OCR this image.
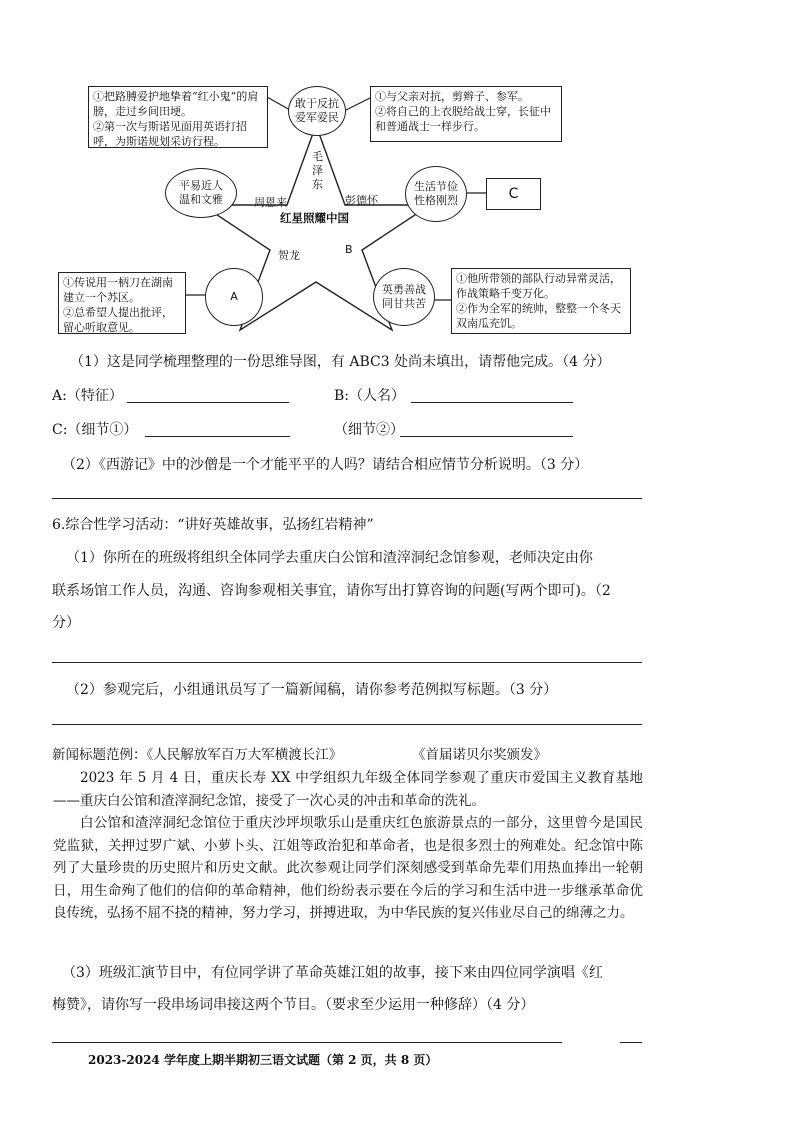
①把路膊爱护地挚着“红小鬼”的肩膀，走过乡间田埂。
②第一次与斯诺见面用英语打招呼，为斯诺规划采访行程。
敢于反抗
爱军爱民
①与父亲对抗，剪辫子、参军。
②将自己的上衣脱给战士穿，长征中和普通战士一样步行。
平易近人
温和文雅
生活节俭
性格刚烈	C
毛
泽
东
周恩来	彭德怀
红星照耀中国
贺龙	B
①传说用一柄刀在湖南建立一个苏区。
②总希望人提出批评，留心听取意见。
A
英勇善战
同甘共苦
①他所带领的部队行动异常灵活，作战策略千变万化。
②作为全军的统帅，整整一个冬天双南瓜充饥。
（1）这是同学梳理整理的一份思维导图，有 ABC3 处尚未填出，请帮他完成。（4 分）
A:（特征）	B:（人名）
C:（细节①）	（细节②）
（2）《西游记》中的沙僧是一个才能平平的人吗？请结合相应情节分析说明。（3 分）
6.综合性学习活动：“讲好英雄故事，弘扬红岩精神”
（1）你所在的班级将组织全体同学去重庆白公馆和渣滓洞纪念馆参观，老师决定由你
联系场馆工作人员，沟通、咨询参观相关事宜，请你写出打算咨询的问题(写两个即可)。（2
分）
（2）参观完后，小组通讯员写了一篇新闻稿，请你参考范例拟写标题。（3 分）
新闻标题范例：《人民解放军百万大军横渡长江》	《首届诺贝尔奖颁发》
2023 年 5 月 4 日，重庆长寿 XX 中学组织九年级全体同学参观了重庆市爱国主义教育基地——重庆白公馆和渣滓洞纪念馆，接受了一次心灵的冲击和革命的洗礼。
白公馆和渣滓洞纪念馆位于重庆沙坪坝歌乐山是重庆红色旅游景点的一部分，这里曾今是国民党监狱，关押过罗广斌、小萝卜头、江姐等政治犯和革命者，也是很多烈士的殉难处。纪念馆中陈列了大量珍贵的历史照片和历史文献。此次参观让同学们深刻感受到革命先辈们用热血捧出一轮朝日，用生命殉了他们的信仰的革命精神，他们纷纷表示要在今后的学习和生活中进一步继承革命优良传统，弘扬不屈不挠的精神，努力学习，拼搏进取，为中华民族的复兴伟业尽自己的绵薄之力。
（3）班级汇演节目中，有位同学讲了革命英雄江姐的故事，接下来由四位同学演唱《红
梅赞》，请你写一段串场词串接这两个节目。（要求至少运用一种修辞）（4 分）
2023-2024 学年度上期半期初三语文试题（第 2 页，共 8 页）
